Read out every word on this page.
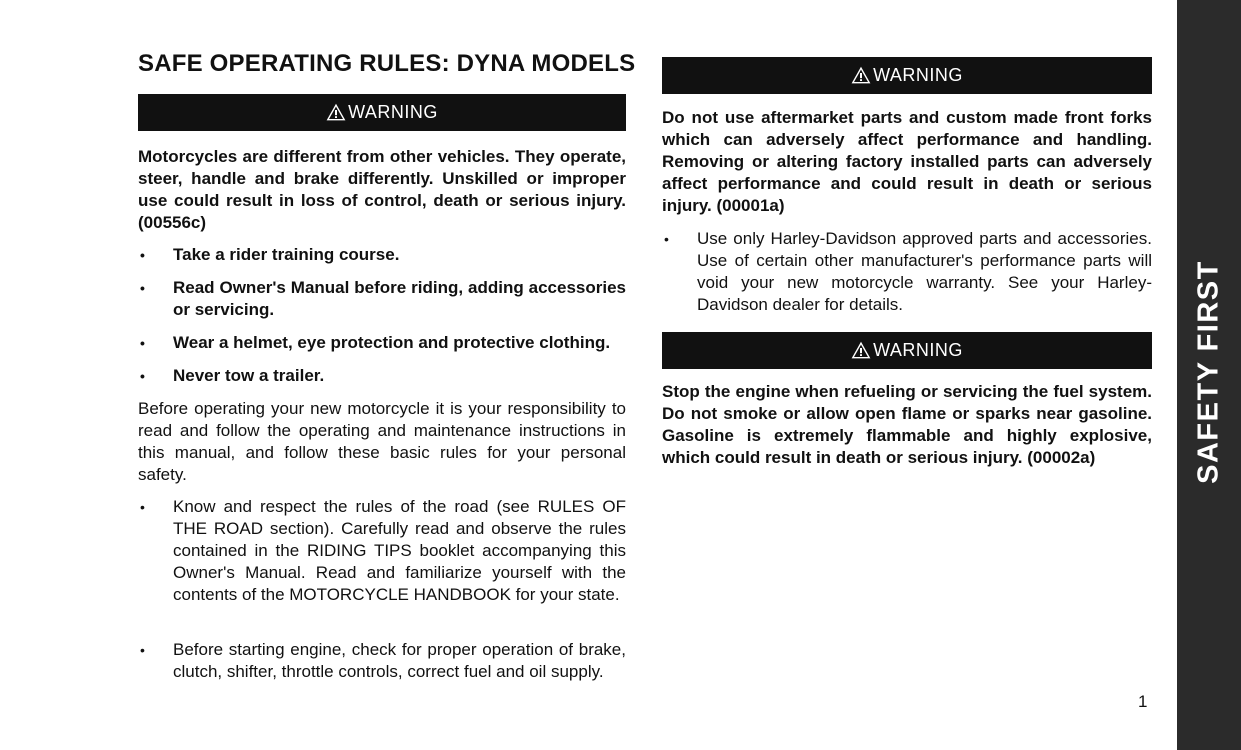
SAFE OPERATING RULES: DYNA MODELS
WARNING

Motorcycles are different from other vehicles. They operate, steer, handle and brake differently. Unskilled or improper use could result in loss of control, death or serious injury. (00556c)

• Take a rider training course.
• Read Owner's Manual before riding, adding accessories or servicing.
• Wear a helmet, eye protection and protective clothing.
• Never tow a trailer.

Before operating your new motorcycle it is your responsibility to read and follow the operating and maintenance instructions in this manual, and follow these basic rules for your personal safety.

• Know and respect the rules of the road (see RULES OF THE ROAD section). Carefully read and observe the rules contained in the RIDING TIPS booklet accompanying this Owner's Manual. Read and familiarize yourself with the contents of the MOTORCYCLE HANDBOOK for your state.
• Before starting engine, check for proper operation of brake, clutch, shifter, throttle controls, correct fuel and oil supply.
WARNING

Do not use aftermarket parts and custom made front forks which can adversely affect performance and handling. Removing or altering factory installed parts can adversely affect performance and could result in death or serious injury. (00001a)

• Use only Harley-Davidson approved parts and accessories. Use of certain other manufacturer's performance parts will void your new motorcycle warranty. See your Harley-Davidson dealer for details.
WARNING

Stop the engine when refueling or servicing the fuel system. Do not smoke or allow open flame or sparks near gasoline. Gasoline is extremely flammable and highly explosive, which could result in death or serious injury. (00002a)

1
SAFETY FIRST
